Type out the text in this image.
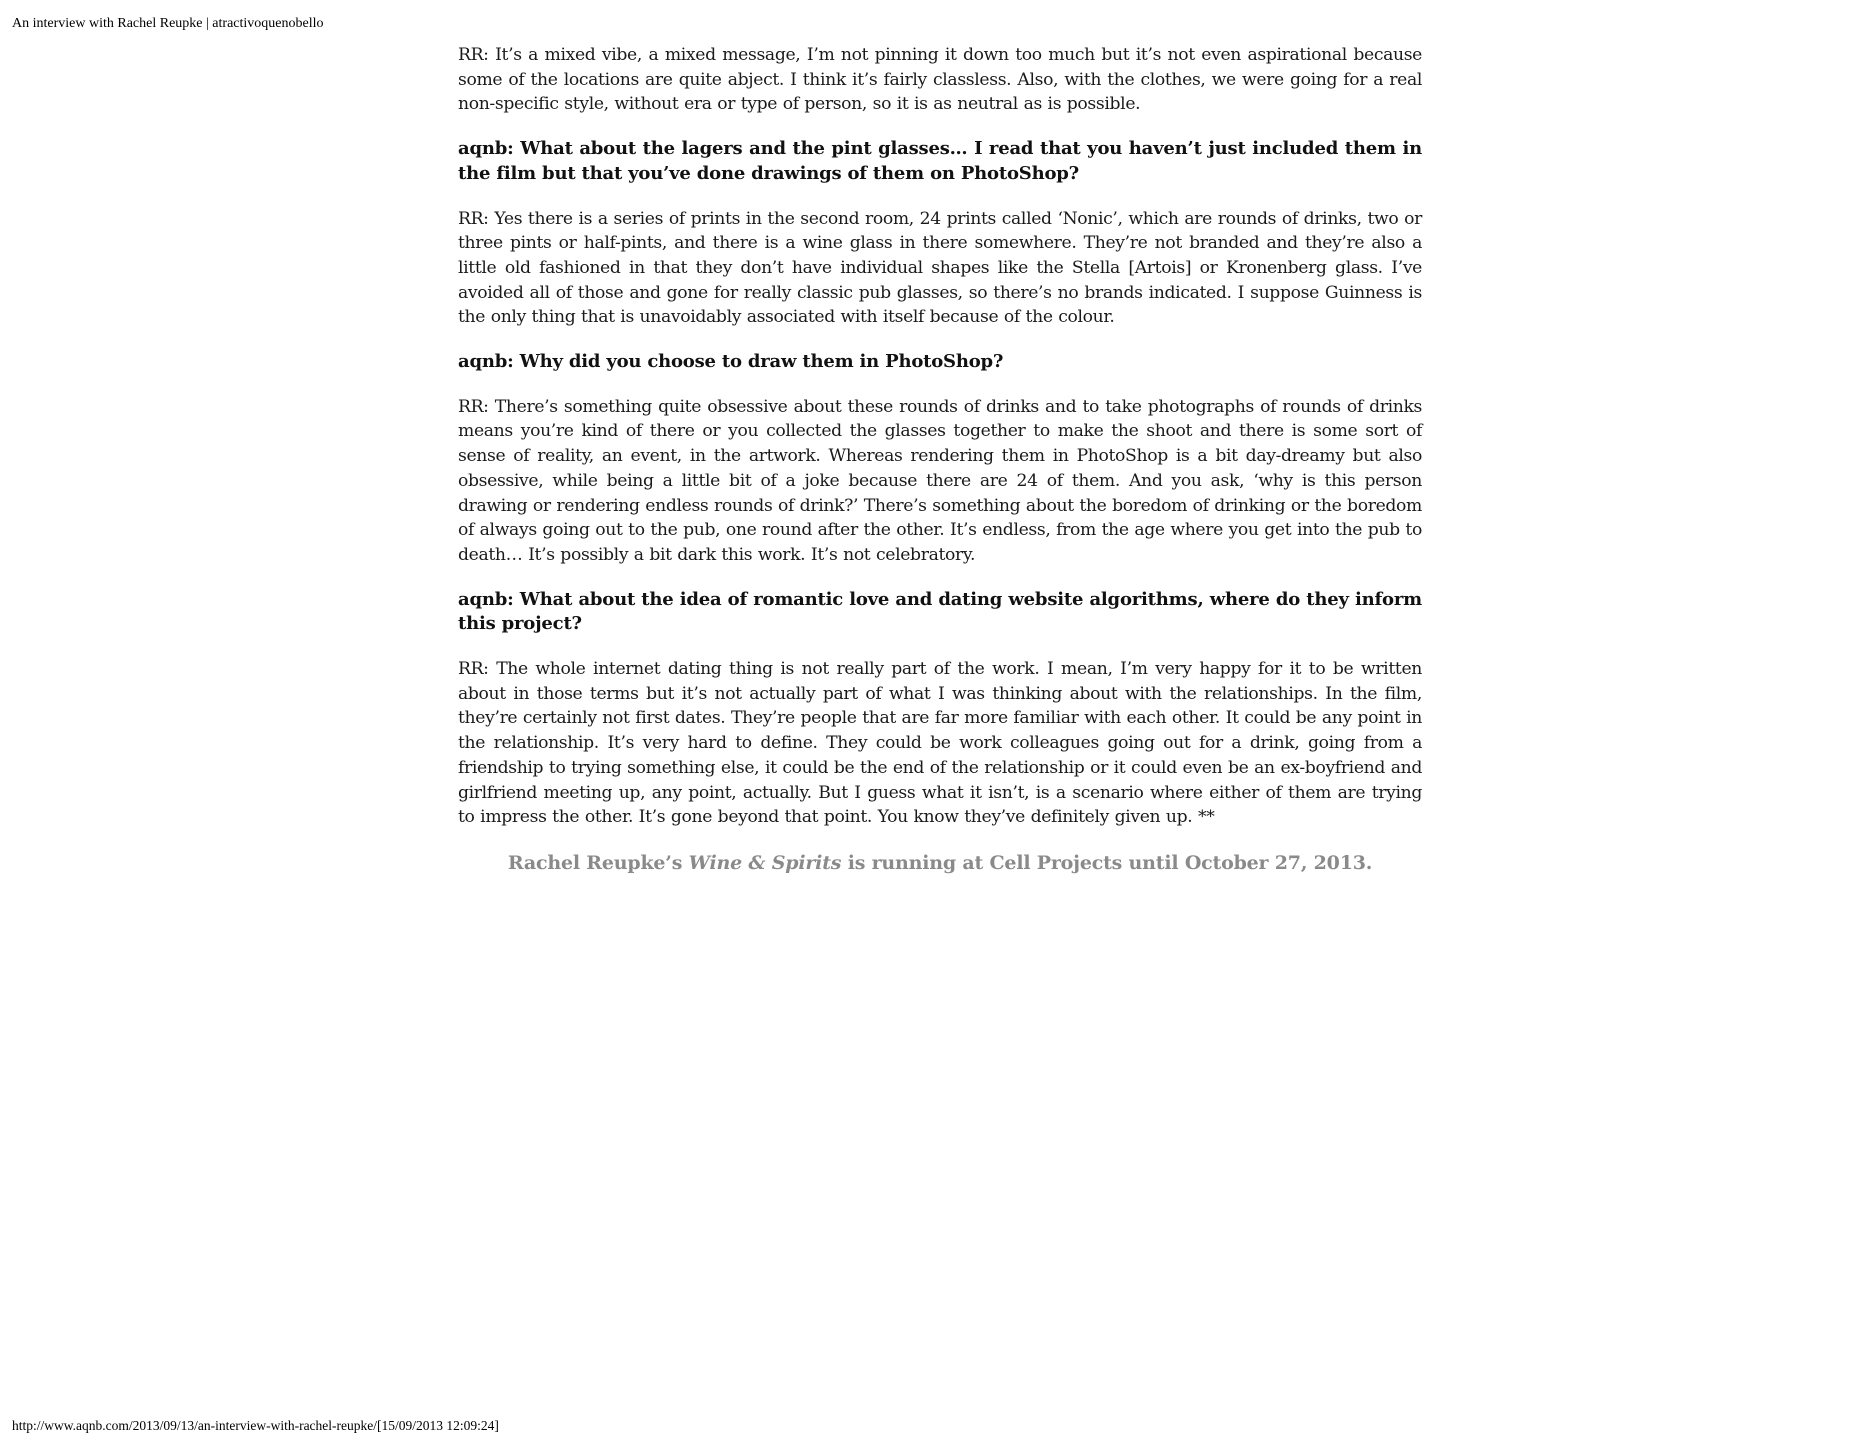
An interview with Rachel Reupke | atractivoquenobello

RR: It’s a mixed vibe, a mixed message, I’m not pinning it down too much but it’s not even aspirational because some of the locations are quite abject. I think it’s fairly classless. Also, with the clothes, we were going for a real non-specific style, without era or type of person, so it is as neutral as is possible.

aqnb: What about the lagers and the pint glasses… I read that you haven’t just included them in the film but that you’ve done drawings of them on PhotoShop?

RR: Yes there is a series of prints in the second room, 24 prints called ‘Nonic’, which are rounds of drinks, two or three pints or half-pints, and there is a wine glass in there somewhere. They’re not branded and they’re also a little old fashioned in that they don’t have individual shapes like the Stella [Artois] or Kronenberg glass. I’ve avoided all of those and gone for really classic pub glasses, so there’s no brands indicated. I suppose Guinness is the only thing that is unavoidably associated with itself because of the colour.

aqnb: Why did you choose to draw them in PhotoShop?

RR: There’s something quite obsessive about these rounds of drinks and to take photographs of rounds of drinks means you’re kind of there or you collected the glasses together to make the shoot and there is some sort of sense of reality, an event, in the artwork. Whereas rendering them in PhotoShop is a bit day-dreamy but also obsessive, while being a little bit of a joke because there are 24 of them. And you ask, ‘why is this person drawing or rendering endless rounds of drink?’ There’s something about the boredom of drinking or the boredom of always going out to the pub, one round after the other. It’s endless, from the age where you get into the pub to death… It’s possibly a bit dark this work. It’s not celebratory.

aqnb: What about the idea of romantic love and dating website algorithms, where do they inform this project?

RR: The whole internet dating thing is not really part of the work. I mean, I’m very happy for it to be written about in those terms but it’s not actually part of what I was thinking about with the relationships. In the film, they’re certainly not first dates. They’re people that are far more familiar with each other. It could be any point in the relationship. It’s very hard to define. They could be work colleagues going out for a drink, going from a friendship to trying something else, it could be the end of the relationship or it could even be an ex-boyfriend and girlfriend meeting up, any point, actually. But I guess what it isn’t, is a scenario where either of them are trying to impress the other. It’s gone beyond that point. You know they’ve definitely given up. **

Rachel Reupke’s Wine & Spirits is running at Cell Projects until October 27, 2013.

http://www.aqnb.com/2013/09/13/an-interview-with-rachel-reupke/[15/09/2013 12:09:24]
